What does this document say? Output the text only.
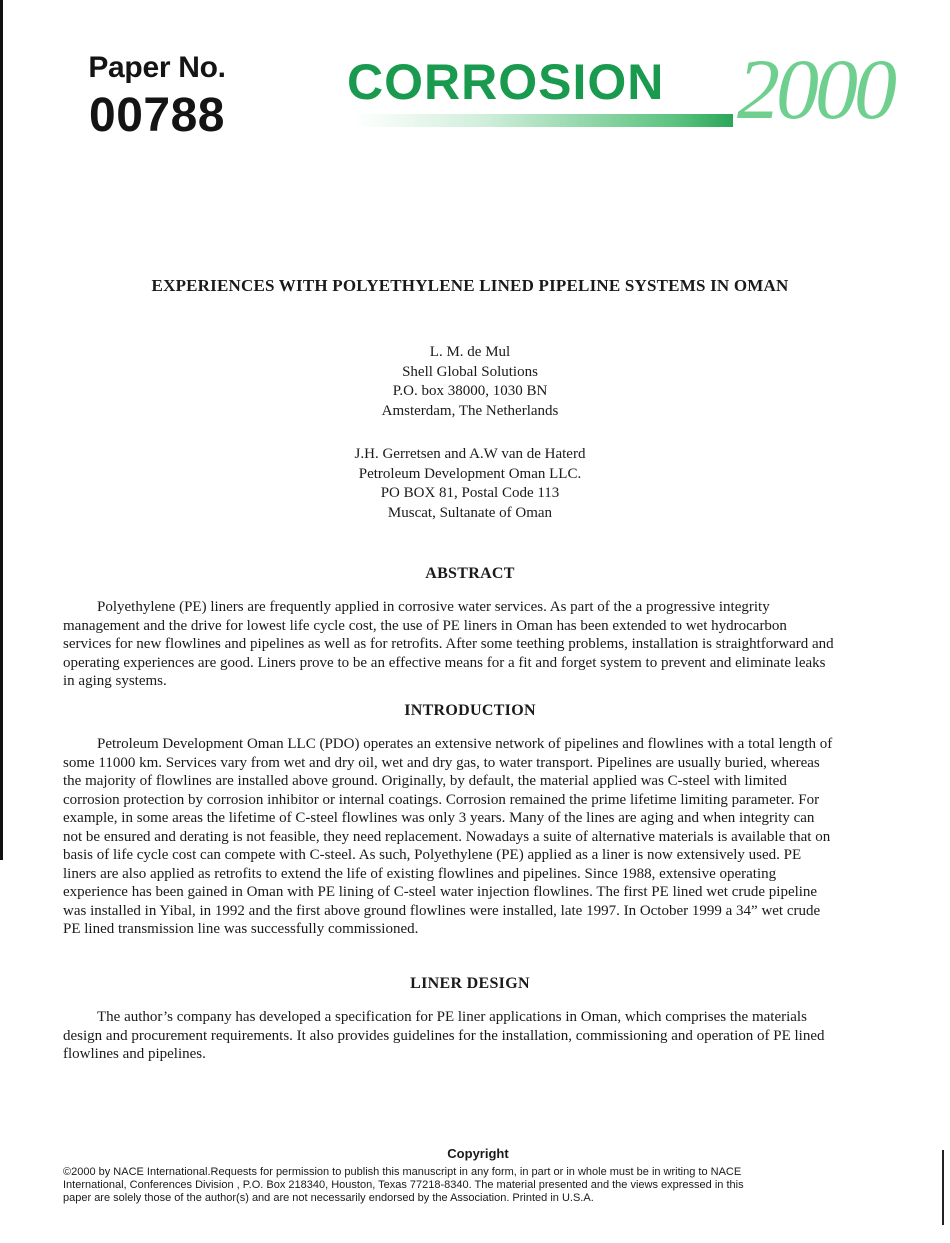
Paper No.
00788
CORROSION 2000
EXPERIENCES WITH POLYETHYLENE LINED PIPELINE SYSTEMS IN OMAN
L. M. de Mul
Shell Global Solutions
P.O. box 38000, 1030 BN
Amsterdam, The Netherlands
J.H. Gerretsen and A.W van de Haterd
Petroleum Development Oman LLC.
PO BOX 81, Postal Code 113
Muscat, Sultanate of Oman
ABSTRACT
Polyethylene (PE) liners are frequently applied in corrosive water services. As part of the a progressive integrity
management and the drive for lowest life cycle cost, the use of PE liners in Oman has been extended to wet hydrocarbon
services for new flowlines and pipelines as well as for retrofits. After some teething problems, installation is straightforward and
operating experiences are good. Liners prove to be an effective means for a fit and forget system to prevent and eliminate leaks
in aging systems.
INTRODUCTION
Petroleum Development Oman LLC (PDO) operates an extensive network of pipelines and flowlines with a total length of
some 11000 km. Services vary from wet and dry oil, wet and dry gas, to water transport. Pipelines are usually buried, whereas
the majority of flowlines are installed above ground. Originally, by default, the material applied was C-steel with limited
corrosion protection by corrosion inhibitor or internal coatings. Corrosion remained the prime lifetime limiting parameter. For
example, in some areas the lifetime of C-steel flowlines was only 3 years. Many of the lines are aging and when integrity can
not be ensured and derating is not feasible, they need replacement. Nowadays a suite of alternative materials is available that on
basis of life cycle cost can compete with C-steel. As such, Polyethylene (PE) applied as a liner is now extensively used. PE
liners are also applied as retrofits to extend the life of existing flowlines and pipelines. Since 1988, extensive operating
experience has been gained in Oman with PE lining of C-steel water injection flowlines. The first PE lined wet crude pipeline
was installed in Yibal, in 1992 and the first above ground flowlines were installed, late 1997. In October 1999 a 34” wet crude
PE lined transmission line was successfully commissioned.
LINER DESIGN
The author’s company has developed a specification for PE liner applications in Oman, which comprises the materials
design and procurement requirements. It also provides guidelines for the installation, commissioning and operation of PE lined
flowlines and pipelines.
Copyright
©2000 by NACE International.Requests for permission to publish this manuscript in any form, in part or in whole must be in writing to NACE
International, Conferences Division , P.O. Box 218340, Houston, Texas 77218-8340. The material presented and the views expressed in this
paper are solely those of the author(s) and are not necessarily endorsed by the Association. Printed in U.S.A.
